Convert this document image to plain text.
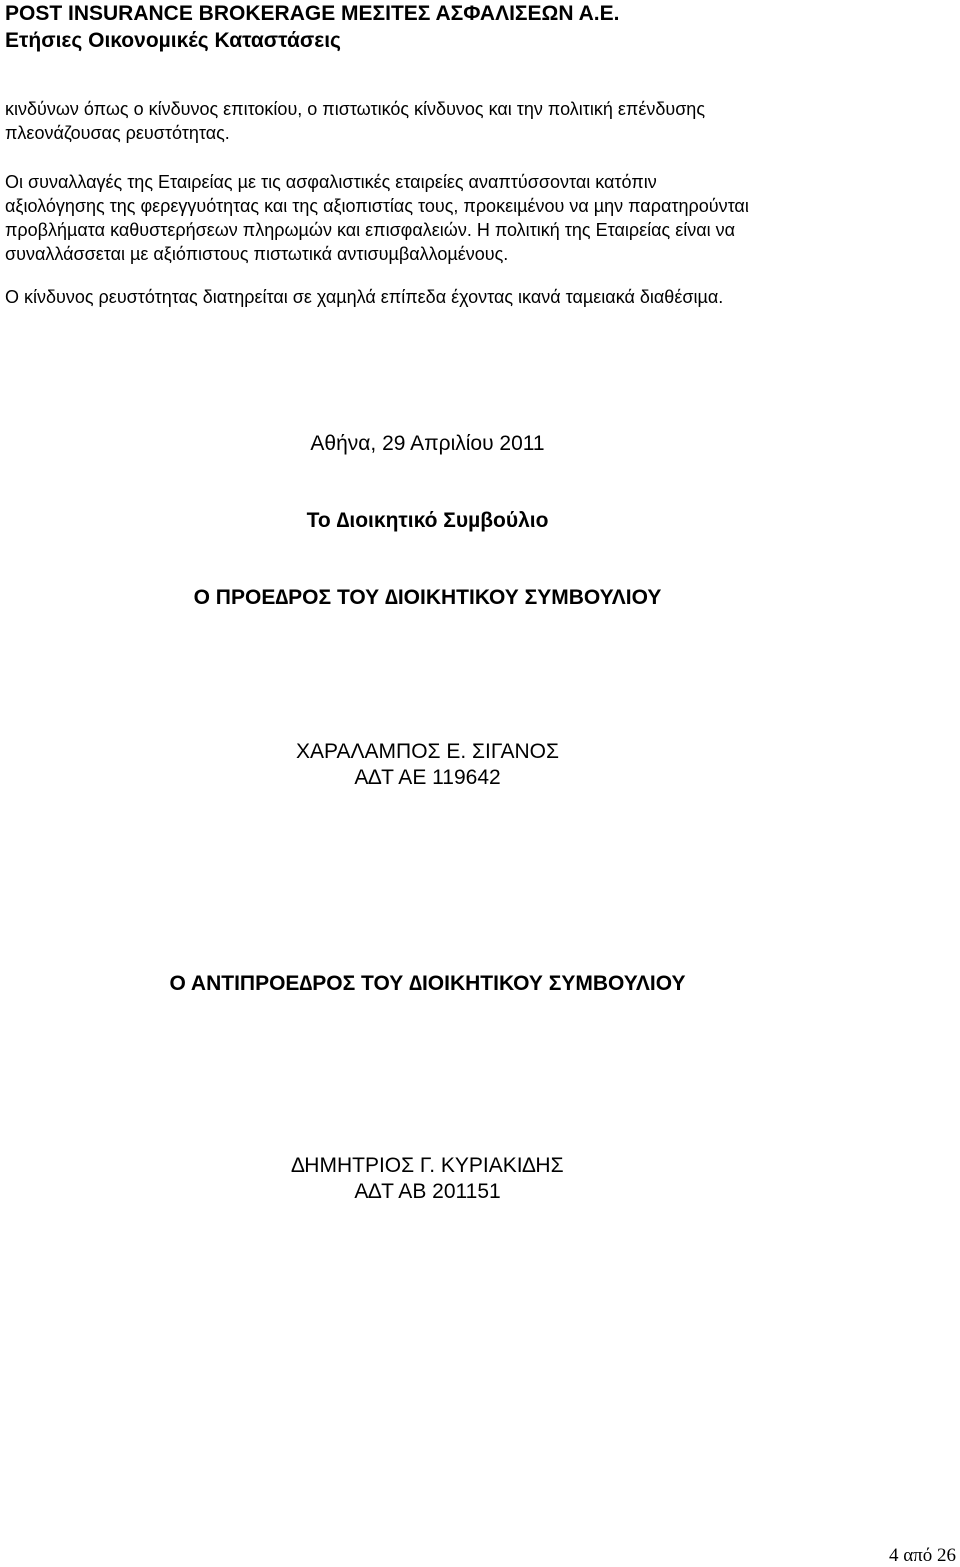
POST INSURANCE BROKERAGE ΜΕΣΙΤΕΣ ΑΣΦΑΛΙΣΕΩΝ Α.Ε.
Ετήσιες Οικονοµικές Καταστάσεις
κινδύνων όπως ο κίνδυνος επιτοκίου, ο πιστωτικός κίνδυνος και την πολιτική επένδυσης
πλεονάζουσας ρευστότητας.
Οι συναλλαγές της Εταιρείας µε τις ασφαλιστικές εταιρείες αναπτύσσονται κατόπιν
αξιολόγησης της φερεγγυότητας και της αξιοπιστίας τους, προκειµένου να µην παρατηρούνται
προβλήµατα καθυστερήσεων πληρωµών και επισφαλειών. Η πολιτική της Εταιρείας είναι να
συναλλάσσεται µε αξιόπιστους πιστωτικά αντισυµβαλλοµένους.
Ο κίνδυνος ρευστότητας διατηρείται σε χαµηλά επίπεδα έχοντας ικανά ταµειακά διαθέσιµα.
Αθήνα, 29 Απριλίου 2011
Το ∆ιοικητικό Συµβούλιο
Ο ΠΡΟΕ∆ΡΟΣ ΤΟΥ ∆ΙΟΙΚΗΤΙΚΟΥ ΣΥΜΒΟΥΛΙΟΥ
ΧΑΡΑΛΑΜΠΟΣ Ε. ΣΙΓΑΝΟΣ
Α∆Τ ΑΕ 119642
Ο ΑΝΤΙΠΡΟΕ∆ΡΟΣ ΤΟΥ ∆ΙΟΙΚΗΤΙΚΟΥ ΣΥΜΒΟΥΛΙΟΥ
∆ΗΜΗΤΡΙΟΣ Γ. ΚΥΡΙΑΚΙ∆ΗΣ
Α∆Τ ΑΒ 201151
4 από 26
